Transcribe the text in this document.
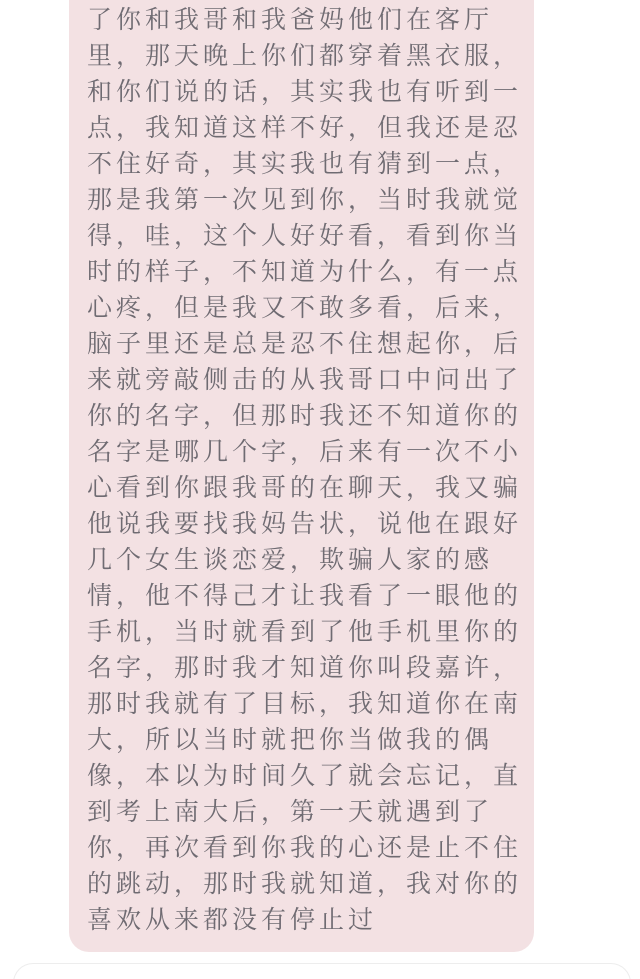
了你和我哥和我爸妈他们在客厅
里，那天晚上你们都穿着黑衣服，
和你们说的话，其实我也有听到一
点，我知道这样不好，但我还是忍
不住好奇，其实我也有猜到一点，
那是我第一次见到你，当时我就觉
得，哇，这个人好好看，看到你当
时的样子，不知道为什么，有一点
心疼，但是我又不敢多看，后来，
脑子里还是总是忍不住想起你，后
来就旁敲侧击的从我哥口中问出了
你的名字，但那时我还不知道你的
名字是哪几个字，后来有一次不小
心看到你跟我哥的在聊天，我又骗
他说我要找我妈告状，说他在跟好
几个女生谈恋爱，欺骗人家的感
情，他不得己才让我看了一眼他的
手机，当时就看到了他手机里你的
名字，那时我才知道你叫段嘉许，
那时我就有了目标，我知道你在南
大，所以当时就把你当做我的偶
像，本以为时间久了就会忘记，直
到考上南大后，第一天就遇到了
你，再次看到你我的心还是止不住
的跳动，那时我就知道，我对你的
喜欢从来都没有停止过
